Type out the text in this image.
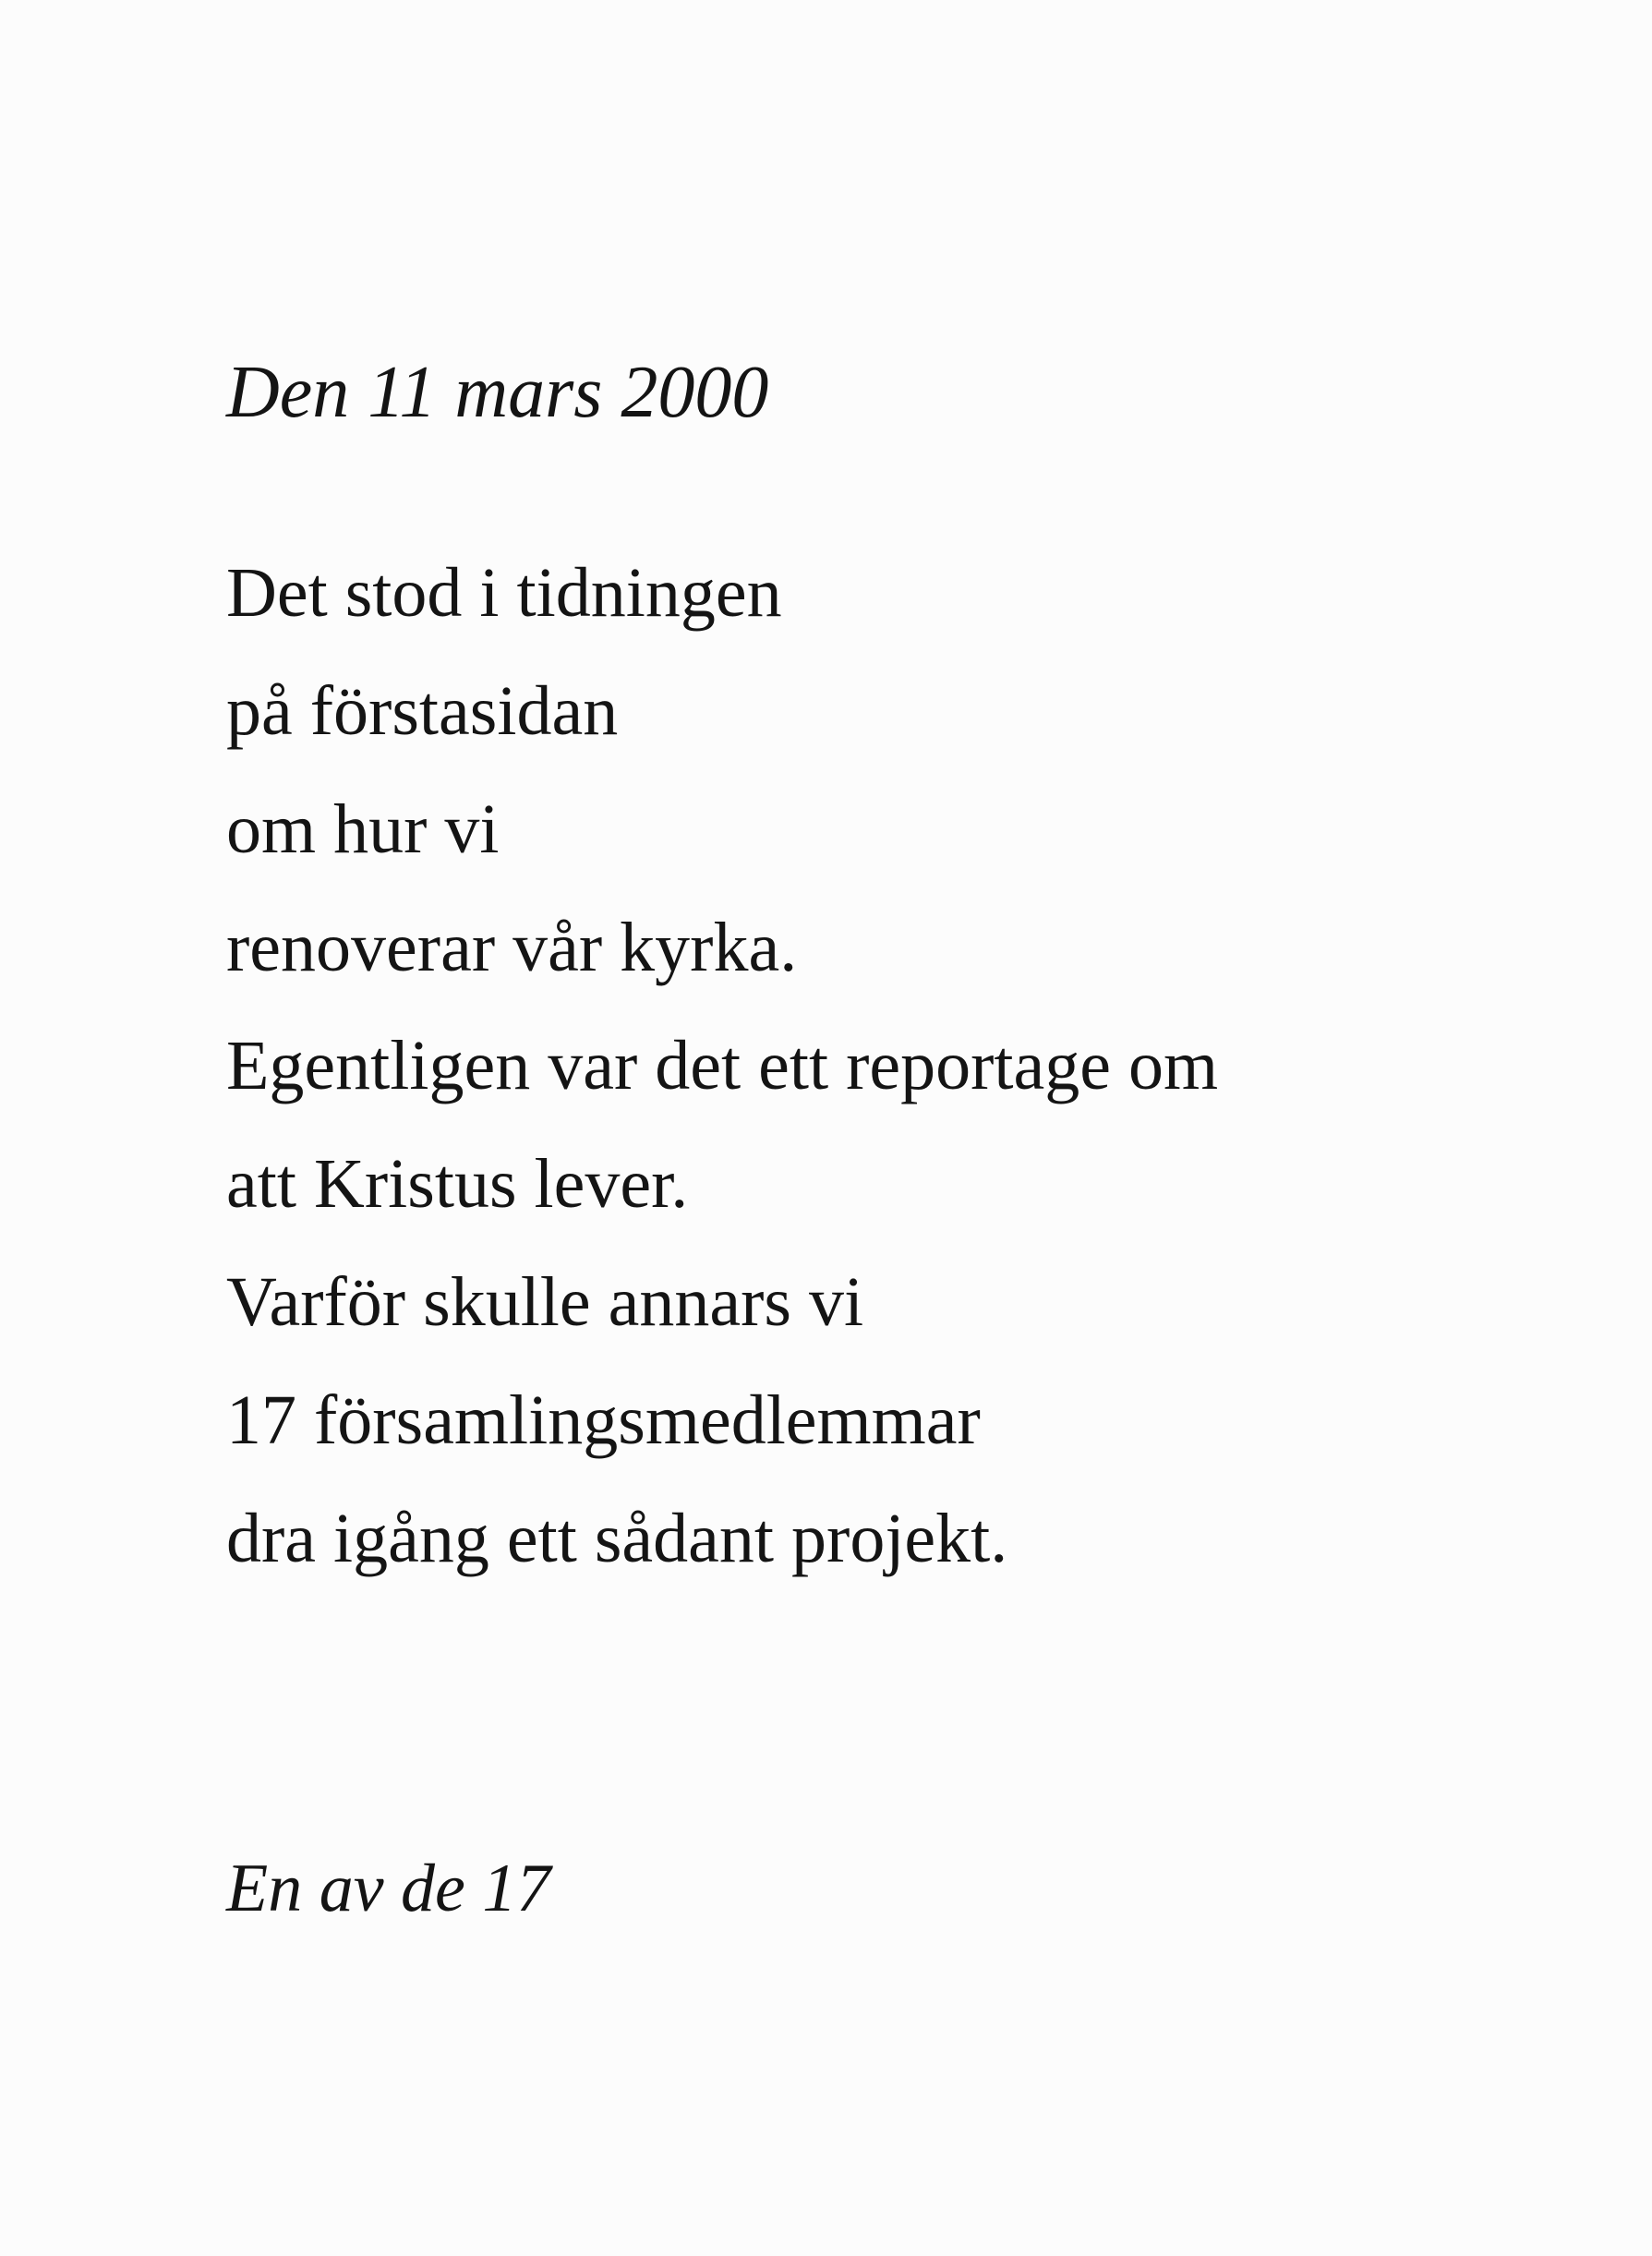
Den 11 mars 2000
Det stod i tidningen
på förstasidan
om hur vi
renoverar vår kyrka.
Egentligen var det ett reportage om
att Kristus lever.
Varför skulle annars vi
17 församlingsmedlemmar
dra igång ett sådant projekt.
En av de 17
